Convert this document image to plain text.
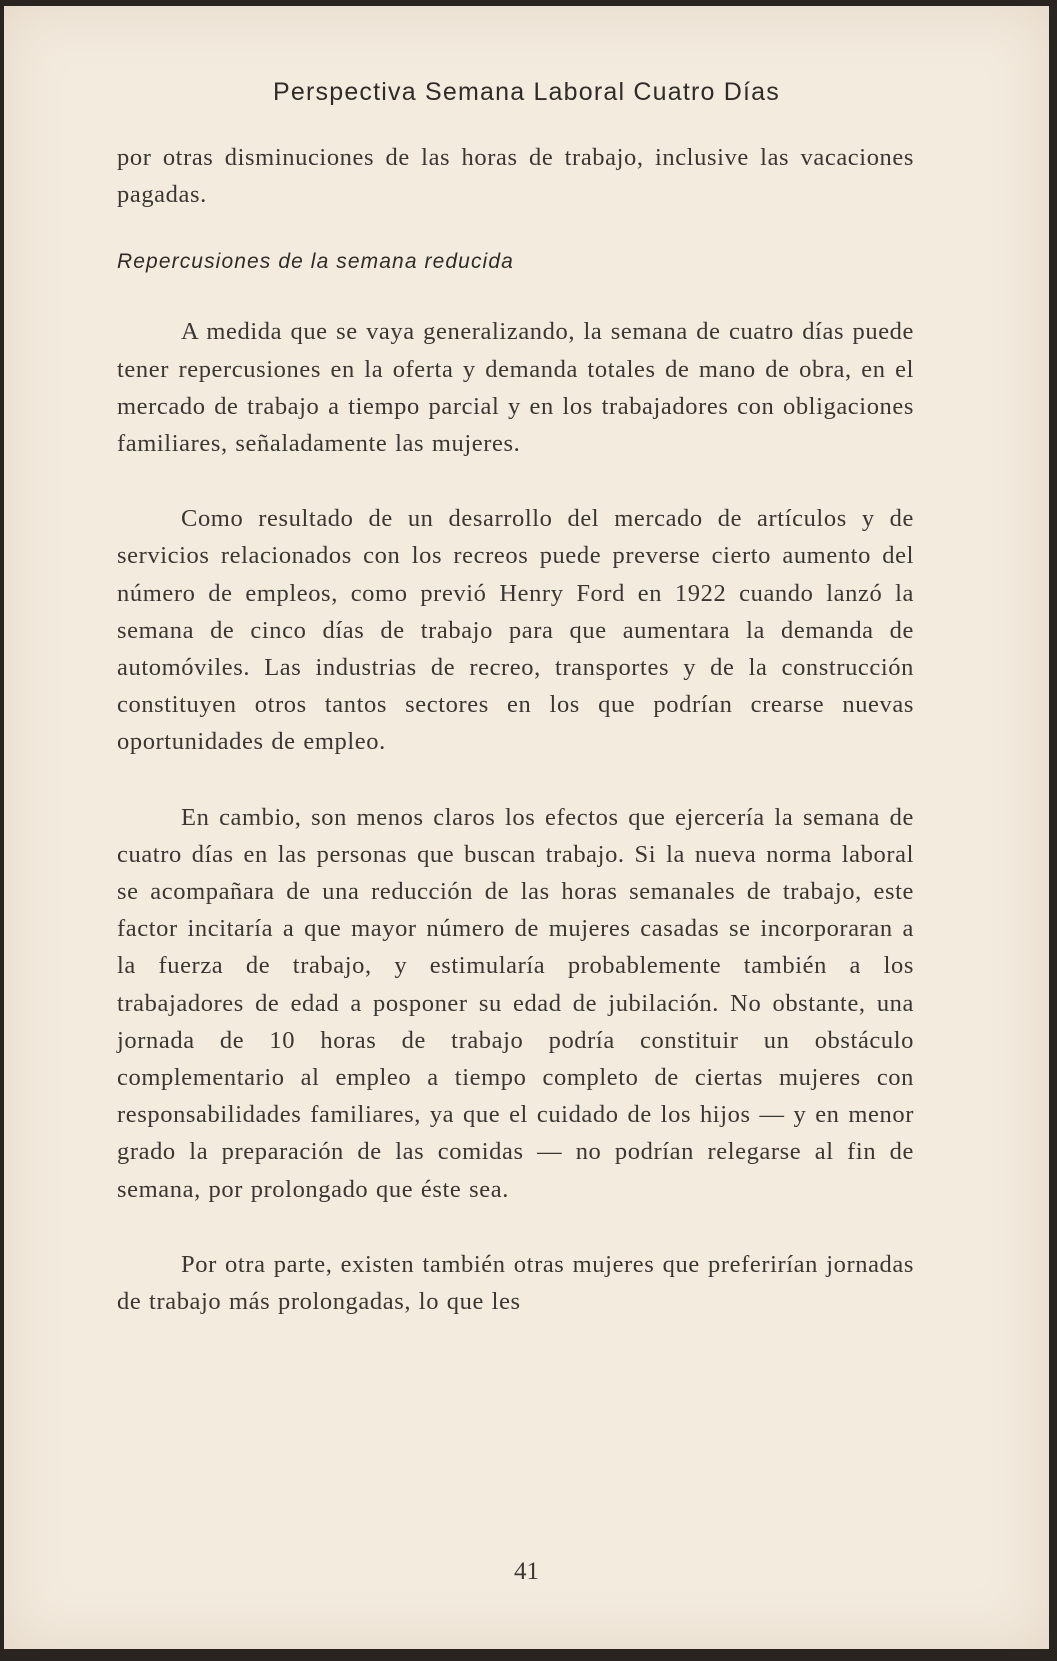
Perspectiva Semana Laboral Cuatro Días

por otras disminuciones de las horas de trabajo, inclusive las vacaciones pagadas.

Repercusiones de la semana reducida

A medida que se vaya generalizando, la semana de cuatro días puede tener repercusiones en la oferta y demanda totales de mano de obra, en el mercado de trabajo a tiempo parcial y en los trabajadores con obligaciones familiares, señaladamente las mujeres.

Como resultado de un desarrollo del mercado de artículos y de servicios relacionados con los recreos puede preverse cierto aumento del número de empleos, como previó Henry Ford en 1922 cuando lanzó la semana de cinco días de trabajo para que aumentara la demanda de automóviles. Las industrias de recreo, transportes y de la construcción constituyen otros tantos sectores en los que podrían crearse nuevas oportunidades de empleo.

En cambio, son menos claros los efectos que ejercería la semana de cuatro días en las personas que buscan trabajo. Si la nueva norma laboral se acompañara de una reducción de las horas semanales de trabajo, este factor incitaría a que mayor número de mujeres casadas se incorporaran a la fuerza de trabajo, y estimularía probablemente también a los trabajadores de edad a posponer su edad de jubilación. No obstante, una jornada de 10 horas de trabajo podría constituir un obstáculo complementario al empleo a tiempo completo de ciertas mujeres con responsabilidades familiares, ya que el cuidado de los hijos — y en menor grado la preparación de las comidas — no podrían relegarse al fin de semana, por prolongado que éste sea.

Por otra parte, existen también otras mujeres que preferirían jornadas de trabajo más prolongadas, lo que les

41
